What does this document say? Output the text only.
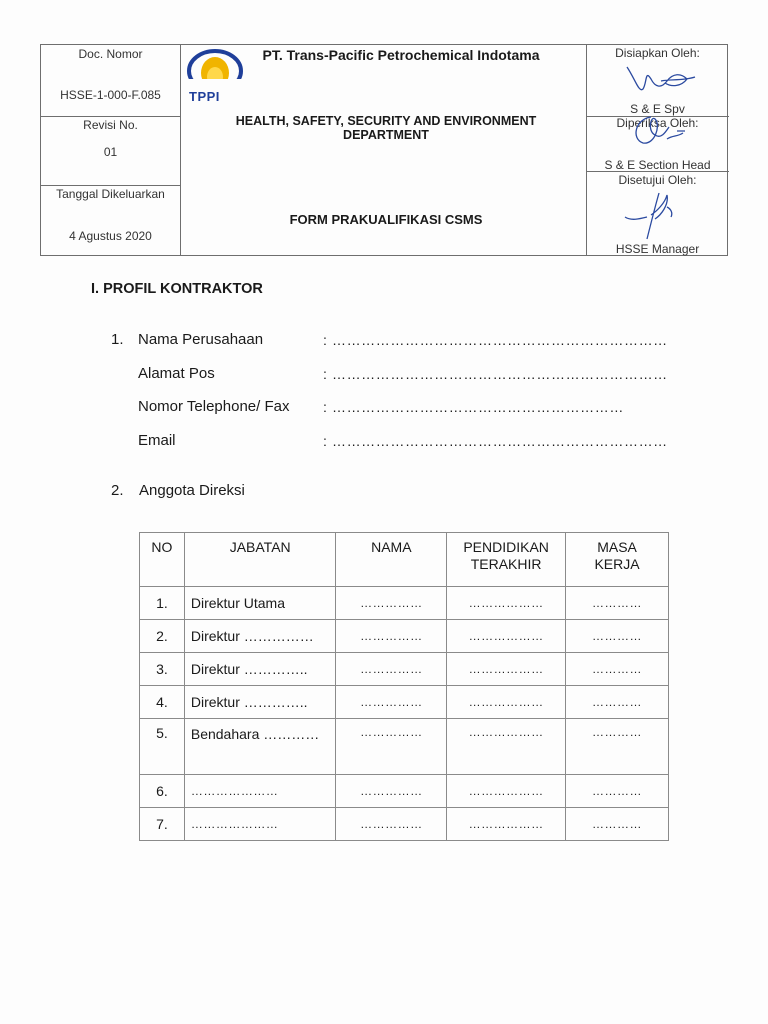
Doc. Nomor
HSSE-1-000-F.085
Revisi No.
01
Tanggal Dikeluarkan
4 Agustus 2020
TPPI
PT. Trans-Pacific Petrochemical Indotama
HEALTH, SAFETY, SECURITY AND ENVIRONMENT DEPARTMENT
FORM PRAKUALIFIKASI CSMS
Disiapkan Oleh:
S & E Spv
Diperiksa Oleh:
S & E Section Head
Disetujui Oleh:
HSSE Manager
I. PROFIL KONTRAKTOR
1. Nama Perusahaan	: ……………………………………………………………
Alamat Pos	: ……………………………………………………………
Nomor Telephone/ Fax : ……………………………………………………
Email	: ……………………………………………………………
2. Anggota Direksi
NO	JABATAN	NAMA	PENDIDIKAN TERAKHIR	MASA KERJA
1.	Direktur Utama	……………	………………	…………
2.	Direktur ……………	……………	………………	…………
3.	Direktur …………..	……………	………………	…………
4.	Direktur …………..	……………	………………	…………
5.	Bendahara …………	……………	………………	…………
6.	…………………	……………	………………	…………
7.	…………………	……………	………………	…………
